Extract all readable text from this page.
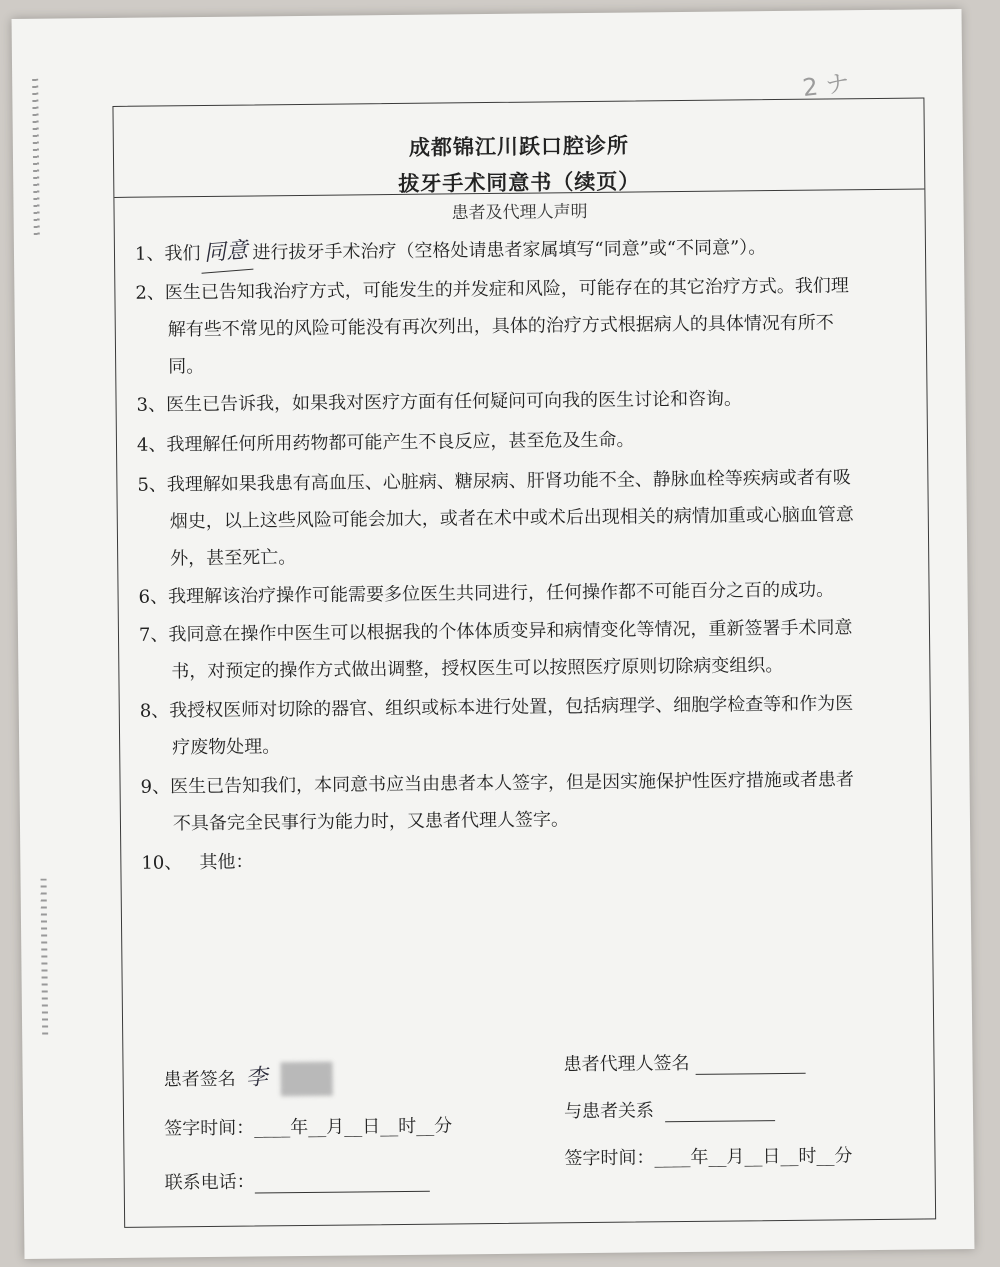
2 ナ
成都锦江川跃口腔诊所
拔牙手术同意书（续页）
患者及代理人声明
1、我们 同意 进行拔牙手术治疗（空格处请患者家属填写“同意”或“不同意”）。
2、医生已告知我治疗方式，可能发生的并发症和风险，可能存在的其它治疗方式。我们理
解有些不常见的风险可能没有再次列出，具体的治疗方式根据病人的具体情况有所不
同。
3、医生已告诉我，如果我对医疗方面有任何疑问可向我的医生讨论和咨询。
4、我理解任何所用药物都可能产生不良反应，甚至危及生命。
5、我理解如果我患有高血压、心脏病、糖尿病、肝肾功能不全、静脉血栓等疾病或者有吸
烟史，以上这些风险可能会加大，或者在术中或术后出现相关的病情加重或心脑血管意
外，甚至死亡。
6、我理解该治疗操作可能需要多位医生共同进行，任何操作都不可能百分之百的成功。
7、我同意在操作中医生可以根据我的个体体质变异和病情变化等情况，重新签署手术同意
书，对预定的操作方式做出调整，授权医生可以按照医疗原则切除病变组织。
8、我授权医师对切除的器官、组织或标本进行处置，包括病理学、细胞学检查等和作为医
疗废物处理。
9、医生已告知我们，本同意书应当由患者本人签字，但是因实施保护性医疗措施或者患者
不具备完全民事行为能力时，又患者代理人签字。
10、 其他：
患者签名 李
签字时间：____年__月__日__时__分
联系电话：
患者代理人签名
与患者关系
签字时间：____年__月__日__时__分
